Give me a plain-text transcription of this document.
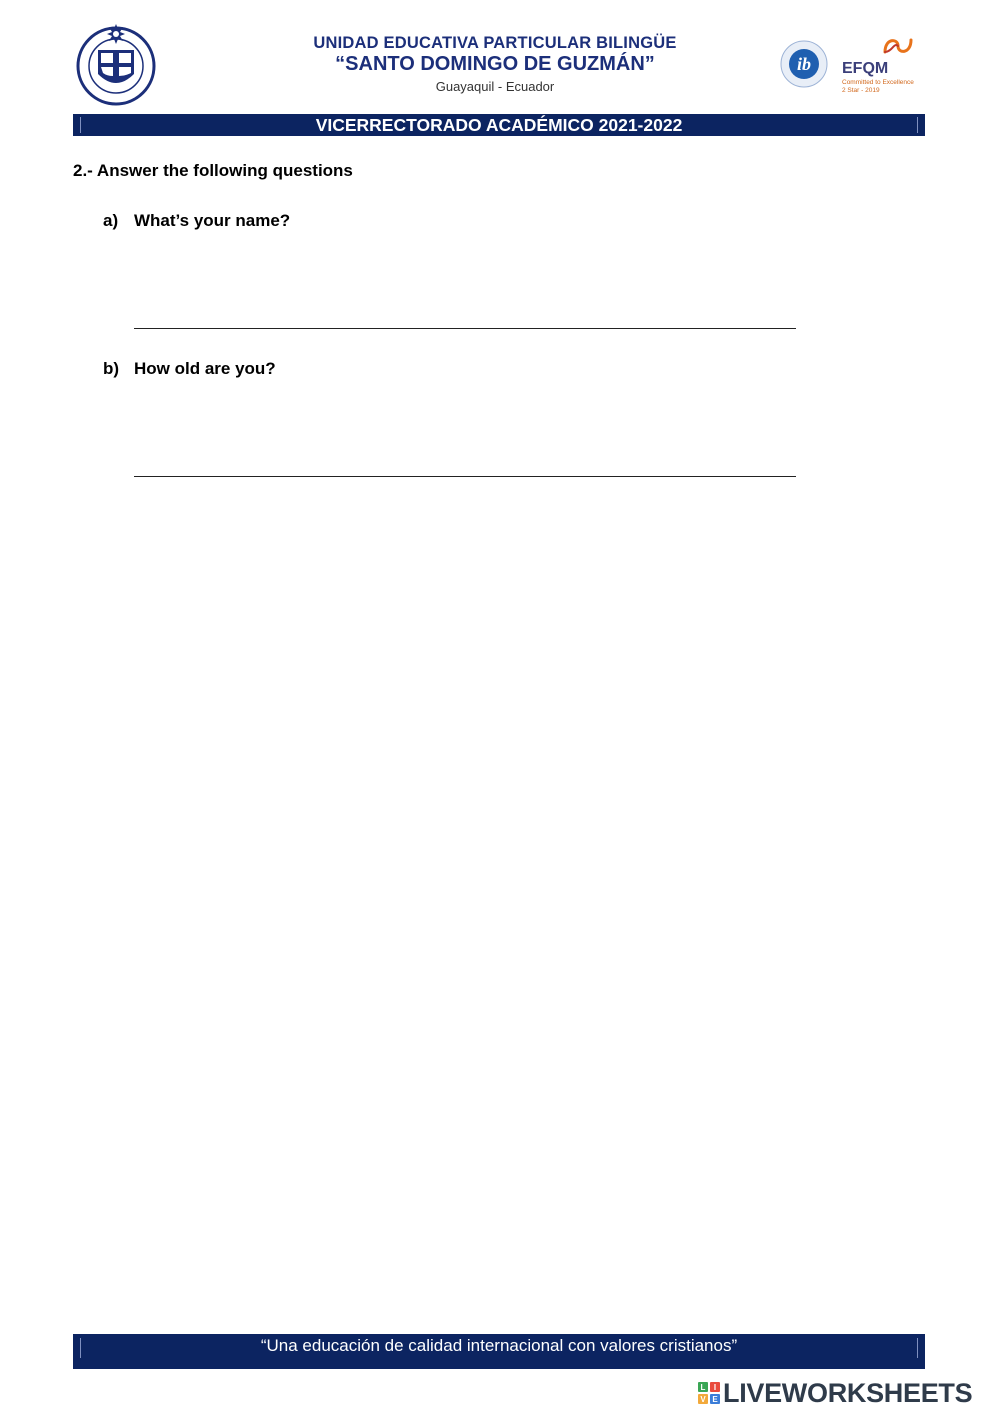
UNIDAD EDUCATIVA PARTICULAR BILINGÜE
“SANTO DOMINGO DE GUZMÁN”
Guayaquil - Ecuador
ib EFQM
Committed to Excellence
2 Star - 2019
VICERRECTORADO ACADÉMICO 2021-2022
2.- Answer the following questions
a) What’s your name?
b) How old are you?
“Una educación de calidad internacional con valores cristianos”
L I
V E LIVEWORKSHEETS
